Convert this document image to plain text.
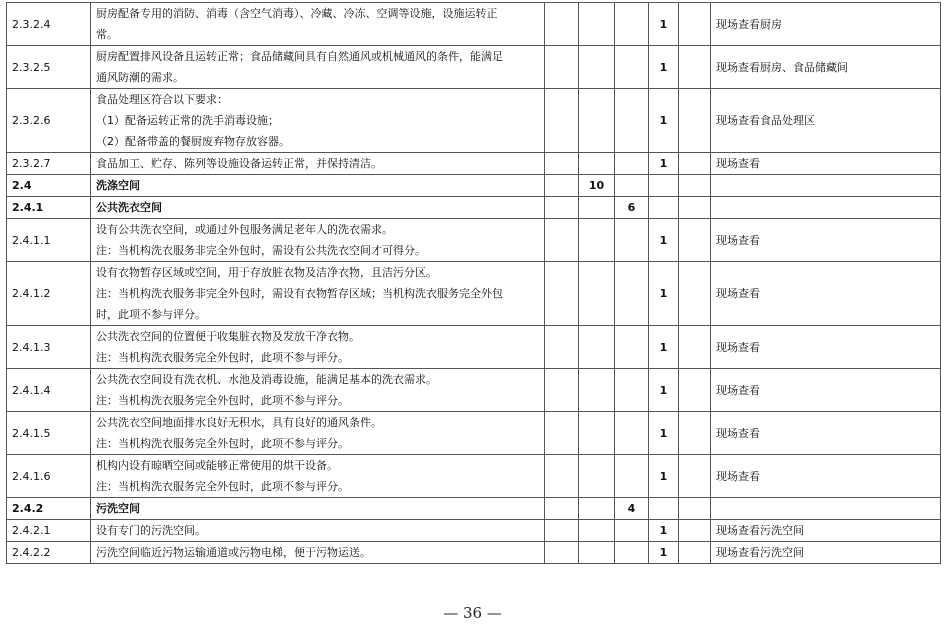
2.3.2.4	厨房配备专用的消防、消毒（含空气消毒）、冷藏、冷冻、空调等设施，设施运转正
常。				1		现场查看厨房
2.3.2.5	厨房配置排风设备且运转正常；食品储藏间具有自然通风或机械通风的条件，能满足
通风防潮的需求。				1		现场查看厨房、食品储藏间
2.3.2.6	食品处理区符合以下要求：
（1）配备运转正常的洗手消毒设施；
（2）配备带盖的餐厨废弃物存放容器。				1		现场查看食品处理区
2.3.2.7	食品加工、贮存、陈列等设施设备运转正常，并保持清洁。				1		现场查看
2.4	洗涤空间		10				
2.4.1	公共洗衣空间			6			
2.4.1.1	设有公共洗衣空间，或通过外包服务满足老年人的洗衣需求。
注：当机构洗衣服务非完全外包时，需设有公共洗衣空间才可得分。				1		现场查看
2.4.1.2	设有衣物暂存区域或空间，用于存放脏衣物及洁净衣物，且洁污分区。
注：当机构洗衣服务非完全外包时，需设有衣物暂存区域；当机构洗衣服务完全外包
时，此项不参与评分。				1		现场查看
2.4.1.3	公共洗衣空间的位置便于收集脏衣物及发放干净衣物。
注：当机构洗衣服务完全外包时，此项不参与评分。				1		现场查看
2.4.1.4	公共洗衣空间设有洗衣机、水池及消毒设施，能满足基本的洗衣需求。
注：当机构洗衣服务完全外包时，此项不参与评分。				1		现场查看
2.4.1.5	公共洗衣空间地面排水良好无积水，具有良好的通风条件。
注：当机构洗衣服务完全外包时，此项不参与评分。				1		现场查看
2.4.1.6	机构内设有晾晒空间或能够正常使用的烘干设备。
注：当机构洗衣服务完全外包时，此项不参与评分。				1		现场查看
2.4.2	污洗空间			4			
2.4.2.1	设有专门的污洗空间。				1		现场查看污洗空间
2.4.2.2	污洗空间临近污物运输通道或污物电梯，便于污物运送。				1		现场查看污洗空间
— 36 —
